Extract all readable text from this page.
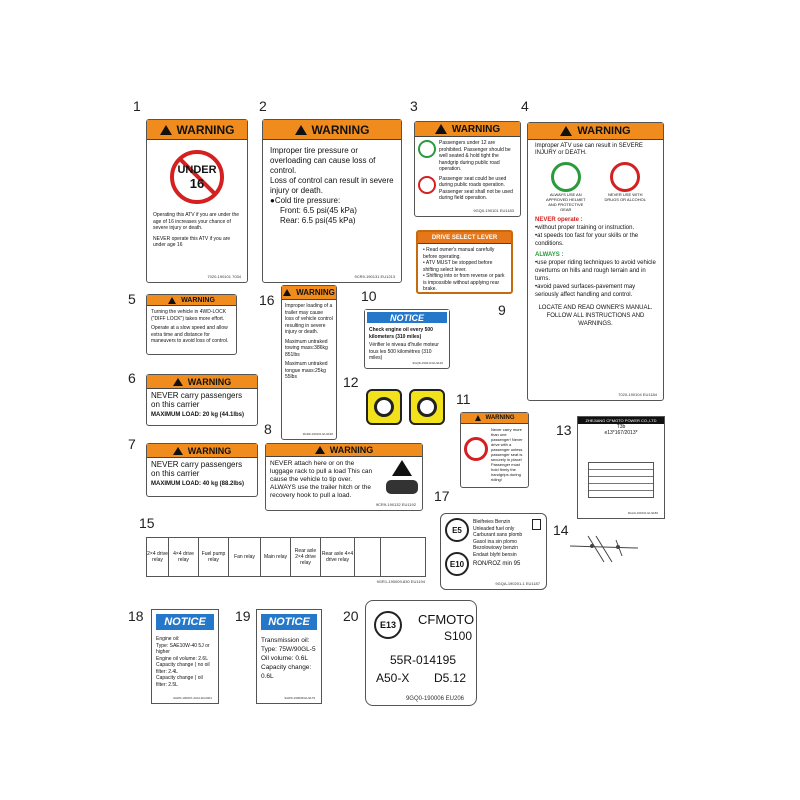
1	2	3	4
5
6
7
8
9
10
11
12
13
14
15
16
17
18	19	20
WARNING
UNDER
16
Operating this ATV if you are under the age of 16 increases your chance of severe injury or death.
NEVER operate this ATV if you are under age 16
7020-190101 7034
WARNING
Improper tire pressure or overloading can cause loss of control.
Loss of control can result in severe injury or death.
●Cold tire pressure:
Front: 6.5 psi(45 kPa)
Rear: 6.5 psi(45 kPa)
9CR9-190131 EU1213
WARNING
Passengers under 12 are prohibited. Passenger should be well seated & hold tight the handgrip during public road operation.
Passenger seat could be used during public roads operation. Passenger seat shall not be used during field operation.
9GQ0-190101 EU1183
DRIVE SELECT LEVER
• Read owner's manual carefully before operating.
• ATV MUST be stopped before shifting select lever.
• Shifting into or from reverse or park is impossible without applying rear brake.
WARNING
Improper ATV use can result in SEVERE INJURY or DEATH.
ALWAYS USE AN APPROVED HELMET AND PROTECTIVE GEAR
NEVER USE WITH DRUGS OR ALCOHOL
NEVER operate :
•without proper training or instruction.
•at speeds too fast for your skills or the conditions.
ALWAYS :
•use proper riding techniques to avoid vehicle overturns on hills and rough terrain and in turns.
•avoid paved surfaces-pavement may seriously affect handling and control.
LOCATE AND READ OWNER'S MANUAL. FOLLOW ALL INSTRUCTIONS AND WARNINGS.
7020-190104 EU1184
WARNING
Turning the vehicle in 4WD-LOCK ("DIFF LOCK") takes more effort.
Operate at a slow speed and allow extra time and distance for maneuvers to avoid loss of control.
WARNING
NEVER carry passengers on this carrier
MAXIMUM LOAD: 20 kg (44.1lbs)
WARNING
NEVER carry passengers on this carrier
MAXIMUM LOAD: 40 kg (88.2lbs)
WARNING
Improper loading of a trailer may cause loss of vehicle control resulting in severe injury or death.
Maximum untraked towing mass:386kg 851lbs
Maximum untraked tongue mass:25kg 55lbs
9GR0-190101 EU1190
NOTICE
Check engine oil every 500 kilometers (310 miles)
Vérifier le niveau d'huile moteur tous les 500 kilomètres (310 miles)
9GQ8-190413 EU1120
WARNING
Never carry more than one passenger! Never drive with a passenger unless passenger seat is securely in place! Passenger must hold firmly the handgrips during riding!
WARNING
NEVER attach here or on the luggage rack to pull a load This can cause the vehicle to tip over. ALWAYS use the trailer hitch or the recovery hook to pull a load.
9CR9-190132 EU1192
ZHEJIANG CFMOTO POWER CO.,LTD
T3b
e13*167/2013*
9GA0-190101 EU1186
2×4 drive relay
4×4 drive relay
Fuel pump relay	Fan relay	Main relay
Rear axle 2×4 drive relay
Rear axle 4×4 drive relay
9GR1-190009-830 EU1194
E5
E10
Bleifreies Benzin
Unleaded fuel only
Carburant sans plomb
Gasol ina sin plomo
Bezolowiowy benzin
Endast blyfri bensin
RON/ROZ min 95
9GQA-190201-1 EU1187
NOTICE
Engine oil:
Type: SAE10W-40 5J or higher
Engine oil volume: 2.6L
Capacity change ( no oil filter: 2.4L
Capacity change ( oil filter: 2.5L
9AW0-190007-2A10 EU2001
NOTICE
Transmission oil:
Type: 75W/90GL-5
Oil volume: 0.6L
Capacity change: 0.6L
9AW0-190008 EU1179
E13	CFMOTO
S100
55R-014195
A50-X D5.12
9GQ0-190006 EU206
